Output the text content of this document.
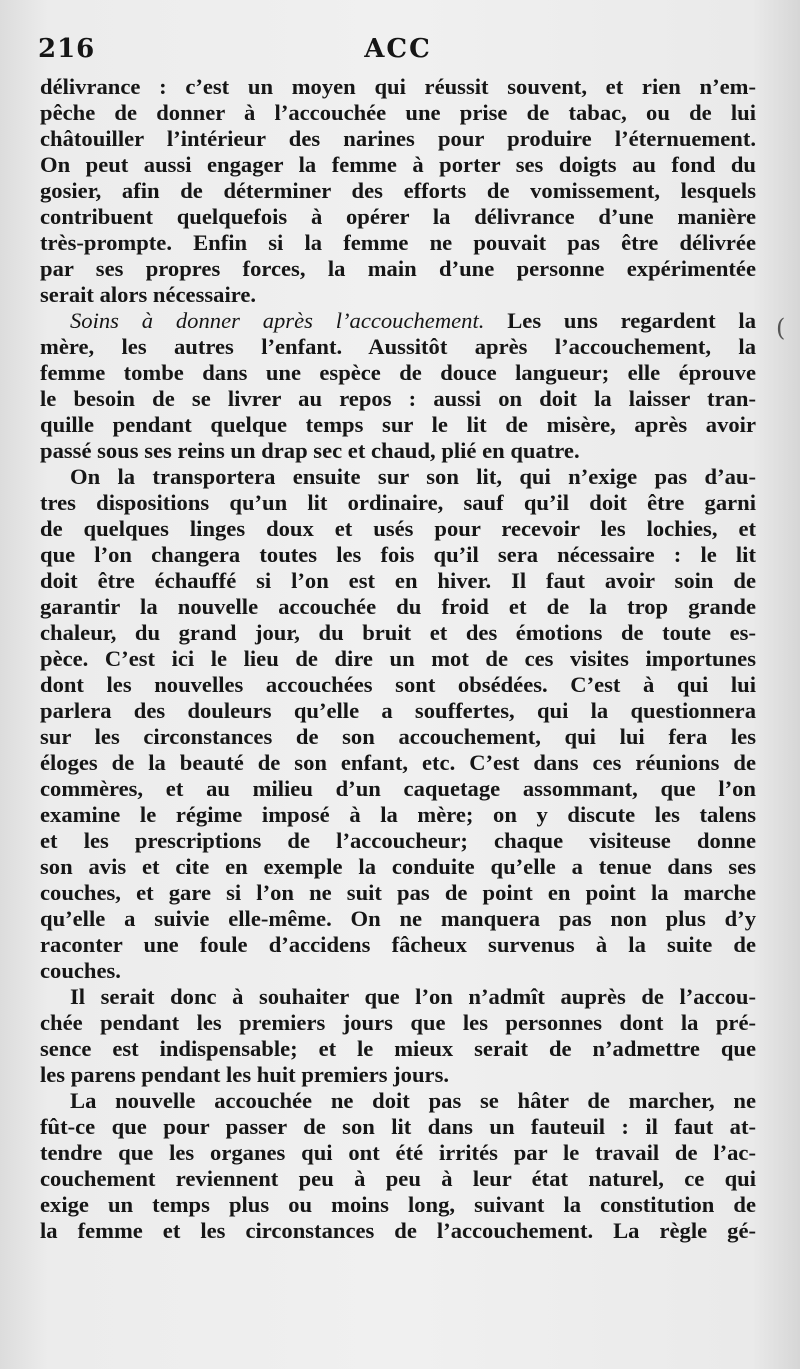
216	ACC
délivrance : c’est un moyen qui réussit souvent, et rien n’em-
pêche de donner à l’accouchée une prise de tabac, ou de lui
châtouiller l’intérieur des narines pour produire l’éternuement.
On peut aussi engager la femme à porter ses doigts au fond du
gosier, afin de déterminer des efforts de vomissement, lesquels
contribuent quelquefois à opérer la délivrance d’une manière
très-prompte. Enfin si la femme ne pouvait pas être délivrée
par ses propres forces, la main d’une personne expérimentée
serait alors nécessaire.
Soins à donner après l’accouchement. Les uns regardent la
mère, les autres l’enfant. Aussitôt après l’accouchement, la
femme tombe dans une espèce de douce langueur; elle éprouve
le besoin de se livrer au repos : aussi on doit la laisser tran-
quille pendant quelque temps sur le lit de misère, après avoir
passé sous ses reins un drap sec et chaud, plié en quatre.
On la transportera ensuite sur son lit, qui n’exige pas d’au-
tres dispositions qu’un lit ordinaire, sauf qu’il doit être garni
de quelques linges doux et usés pour recevoir les lochies, et
que l’on changera toutes les fois qu’il sera nécessaire : le lit
doit être échauffé si l’on est en hiver. Il faut avoir soin de
garantir la nouvelle accouchée du froid et de la trop grande
chaleur, du grand jour, du bruit et des émotions de toute es-
pèce. C’est ici le lieu de dire un mot de ces visites importunes
dont les nouvelles accouchées sont obsédées. C’est à qui lui
parlera des douleurs qu’elle a souffertes, qui la questionnera
sur les circonstances de son accouchement, qui lui fera les
éloges de la beauté de son enfant, etc. C’est dans ces réunions de
commères, et au milieu d’un caquetage assommant, que l’on
examine le régime imposé à la mère; on y discute les talens
et les prescriptions de l’accoucheur; chaque visiteuse donne
son avis et cite en exemple la conduite qu’elle a tenue dans ses
couches, et gare si l’on ne suit pas de point en point la marche
qu’elle a suivie elle-même. On ne manquera pas non plus d’y
raconter une foule d’accidens fâcheux survenus à la suite de
couches.
Il serait donc à souhaiter que l’on n’admît auprès de l’accou-
chée pendant les premiers jours que les personnes dont la pré-
sence est indispensable; et le mieux serait de n’admettre que
les parens pendant les huit premiers jours.
La nouvelle accouchée ne doit pas se hâter de marcher, ne
fût-ce que pour passer de son lit dans un fauteuil : il faut at-
tendre que les organes qui ont été irrités par le travail de l’ac-
couchement reviennent peu à peu à leur état naturel, ce qui
exige un temps plus ou moins long, suivant la constitution de
la femme et les circonstances de l’accouchement. La règle gé-
(
